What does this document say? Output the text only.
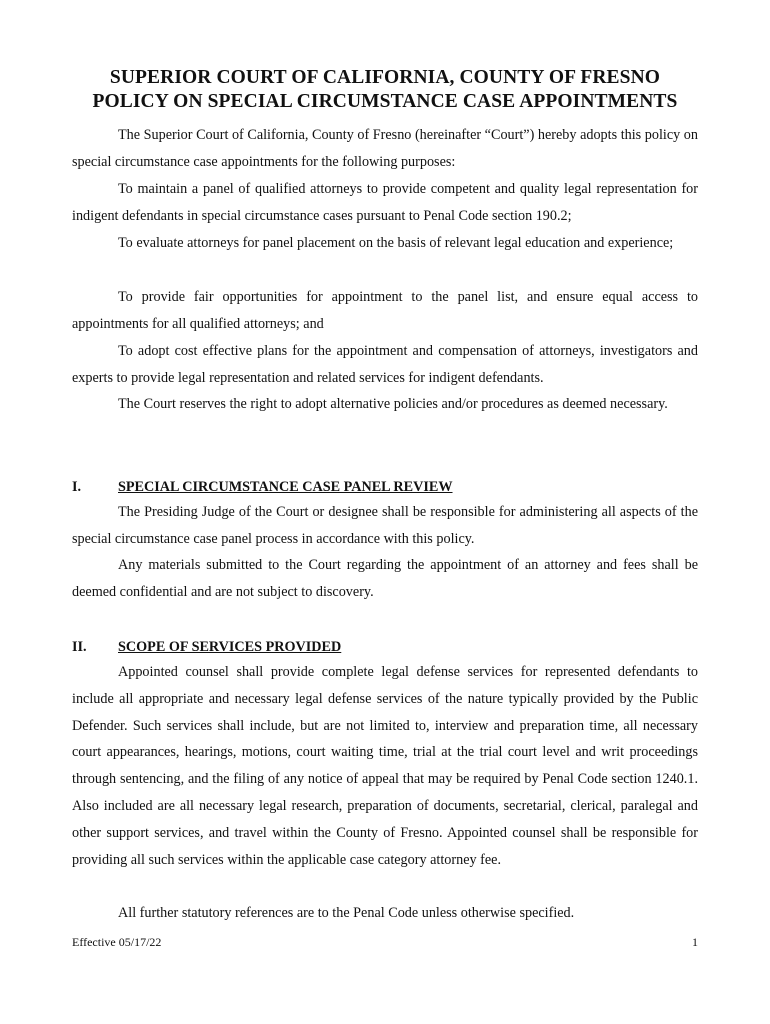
SUPERIOR COURT OF CALIFORNIA, COUNTY OF FRESNO
POLICY ON SPECIAL CIRCUMSTANCE CASE APPOINTMENTS

The Superior Court of California, County of Fresno (hereinafter “Court”) hereby adopts this policy on special circumstance case appointments for the following purposes:

To maintain a panel of qualified attorneys to provide competent and quality legal representation for indigent defendants in special circumstance cases pursuant to Penal Code section 190.2;

To evaluate attorneys for panel placement on the basis of relevant legal education and experience;

To provide fair opportunities for appointment to the panel list, and ensure equal access to appointments for all qualified attorneys; and

To adopt cost effective plans for the appointment and compensation of attorneys, investigators and experts to provide legal representation and related services for indigent defendants.

The Court reserves the right to adopt alternative policies and/or procedures as deemed necessary.

I.	SPECIAL CIRCUMSTANCE CASE PANEL REVIEW

The Presiding Judge of the Court or designee shall be responsible for administering all aspects of the special circumstance case panel process in accordance with this policy.

Any materials submitted to the Court regarding the appointment of an attorney and fees shall be deemed confidential and are not subject to discovery.

II. SCOPE OF SERVICES PROVIDED

Appointed counsel shall provide complete legal defense services for represented defendants to include all appropriate and necessary legal defense services of the nature typically provided by the Public Defender. Such services shall include, but are not limited to, interview and preparation time, all necessary court appearances, hearings, motions, court waiting time, trial at the trial court level and writ proceedings through sentencing, and the filing of any notice of appeal that may be required by Penal Code section 1240.1. Also included are all necessary legal research, preparation of documents, secretarial, clerical, paralegal and other support services, and travel within the County of Fresno. Appointed counsel shall be responsible for providing all such services within the applicable case category attorney fee.

All further statutory references are to the Penal Code unless otherwise specified.

Effective 05/17/22	1
